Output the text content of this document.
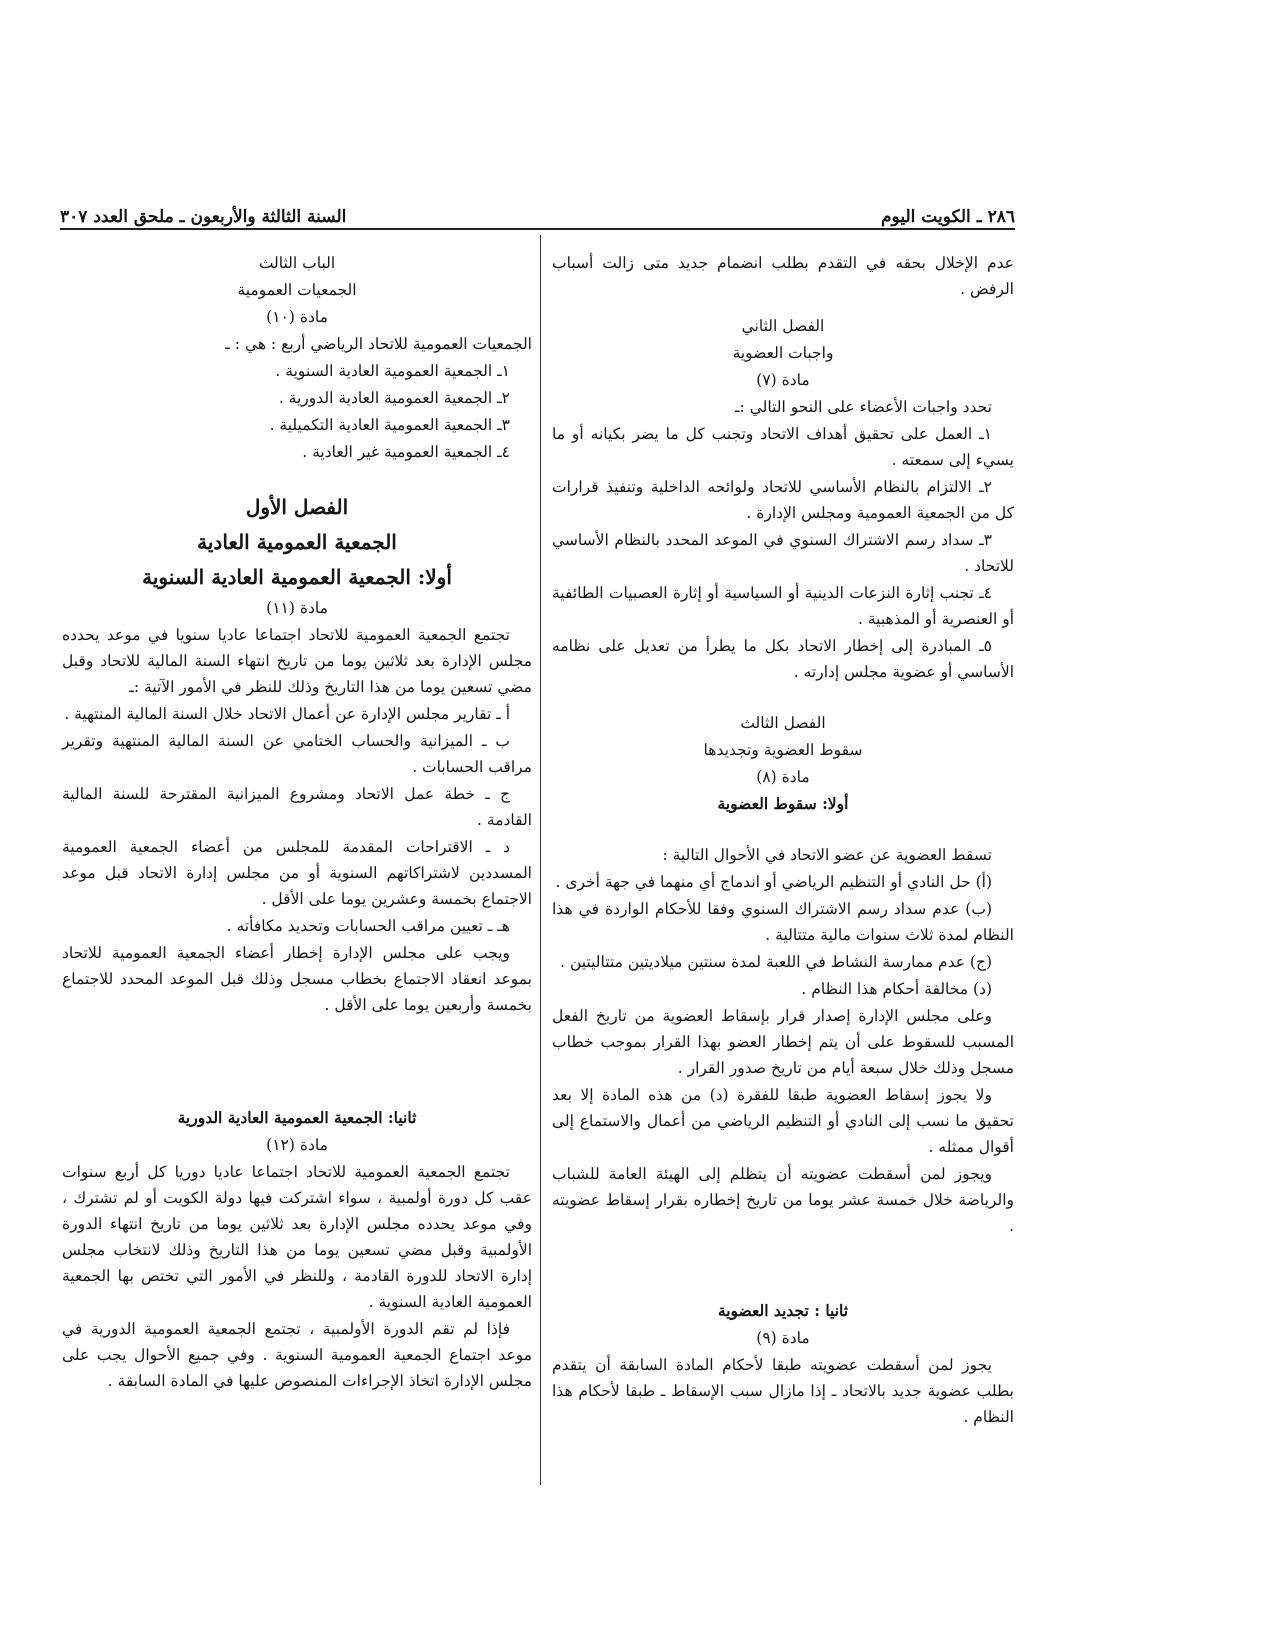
٢٨٦ ـ الكويت اليوم
السنة الثالثة والأربعون ـ ملحق العدد ٣٠٧

عدم الإخلال بحقه في التقدم بطلب انضمام جديد متى زالت أسباب الرفض .

الفصل الثاني

واجبات العضوية

مادة (٧)

تحدد واجبات الأعضاء على النحو التالي :ـ

١ـ العمل على تحقيق أهداف الاتحاد وتجنب كل ما يضر بكيانه أو ما يسيء إلى سمعته .

٢ـ الالتزام بالنظام الأساسي للاتحاد ولوائحه الداخلية وتنفيذ قرارات كل من الجمعية العمومية ومجلس الإدارة .

٣ـ سداد رسم الاشتراك السنوي في الموعد المحدد بالنظام الأساسي للاتحاد .

٤ـ تجنب إثارة النزعات الدينية أو السياسية أو إثارة العصبيات الطائفية أو العنصرية أو المذهبية .

٥ـ المبادرة إلى إخطار الاتحاد بكل ما يطرأ من تعديل على نظامه الأساسي أو عضوية مجلس إدارته .

الفصل الثالث

سقوط العضوية وتجديدها

مادة (٨)

أولا: سقوط العضوية

تسقط العضوية عن عضو الاتحاد في الأحوال التالية :

(أ) حل النادي أو التنظيم الرياضي أو اندماج أي منهما في جهة أخرى .

(ب) عدم سداد رسم الاشتراك السنوي وفقا للأحكام الواردة في هذا النظام لمدة ثلاث سنوات مالية متتالية .

(ج) عدم ممارسة النشاط في اللعبة لمدة سنتين ميلاديتين متتاليتين .

(د) مخالفة أحكام هذا النظام .

وعلى مجلس الإدارة إصدار قرار بإسقاط العضوية من تاريخ الفعل المسبب للسقوط على أن يتم إخطار العضو بهذا القرار بموجب خطاب مسجل وذلك خلال سبعة أيام من تاريخ صدور القرار .

ولا يجوز إسقاط العضوية طبقا للفقرة (د) من هذه المادة إلا بعد تحقيق ما نسب إلى النادي أو التنظيم الرياضي من أعمال والاستماع إلى أقوال ممثله .

ويجوز لمن أسقطت عضويته أن يتظلم إلى الهيئة العامة للشباب والرياضة خلال خمسة عشر يوما من تاريخ إخطاره بقرار إسقاط عضويته .

ثانيا : تجديد العضوية

مادة (٩)

يجوز لمن أسقطت عضويته طبقا لأحكام المادة السابقة أن يتقدم بطلب عضوية جديد بالاتحاد ـ إذا مازال سبب الإسقاط ـ طبقا لأحكام هذا النظام .

الباب الثالث

الجمعيات العمومية

مادة (١٠)

الجمعيات العمومية للاتحاد الرياضي أربع : هي : ـ

١ـ الجمعية العمومية العادية السنوية .

٢ـ الجمعية العمومية العادية الدورية .

٣ـ الجمعية العمومية العادية التكميلية .

٤ـ الجمعية العمومية غير العادية .

الفصل الأول

الجمعية العمومية العادية

أولا: الجمعية العمومية العادية السنوية

مادة (١١)

تجتمع الجمعية العمومية للاتحاد اجتماعا عاديا سنويا في موعد يحدده مجلس الإدارة بعد ثلاثين يوما من تاريخ انتهاء السنة المالية للاتحاد وقبل مضي تسعين يوما من هذا التاريخ وذلك للنظر في الأمور الآتية :ـ

أ ـ تقارير مجلس الإدارة عن أعمال الاتحاد خلال السنة المالية المنتهية .

ب ـ الميزانية والحساب الختامي عن السنة المالية المنتهية وتقرير مراقب الحسابات .

ج ـ خطة عمل الاتحاد ومشروع الميزانية المقترحة للسنة المالية القادمة .

د ـ الاقتراحات المقدمة للمجلس من أعضاء الجمعية العمومية المسددين لاشتراكاتهم السنوية أو من مجلس إدارة الاتحاد قبل موعد الاجتماع بخمسة وعشرين يوما على الأقل .

هـ ـ تعيين مراقب الحسابات وتحديد مكافأته .

ويجب على مجلس الإدارة إخطار أعضاء الجمعية العمومية للاتحاد بموعد انعقاد الاجتماع بخطاب مسجل وذلك قبل الموعد المحدد للاجتماع بخمسة وأربعين يوما على الأقل .

ثانيا: الجمعية العمومية العادية الدورية

مادة (١٢)

تجتمع الجمعية العمومية للاتحاد اجتماعا عاديا دوريا كل أربع سنوات عقب كل دورة أولمبية ، سواء اشتركت فيها دولة الكويت أو لم تشترك ، وفي موعد يحدده مجلس الإدارة بعد ثلاثين يوما من تاريخ انتهاء الدورة الأولمبية وقبل مضي تسعين يوما من هذا التاريخ وذلك لانتخاب مجلس إدارة الاتحاد للدورة القادمة ، وللنظر في الأمور التي تختص بها الجمعية العمومية العادية السنوية .

فإذا لم تقم الدورة الأولمبية ، تجتمع الجمعية العمومية الدورية في موعد اجتماع الجمعية العمومية السنوية . وفي جميع الأحوال يجب على مجلس الإدارة اتخاذ الإجراءات المنصوص عليها في المادة السابقة .
